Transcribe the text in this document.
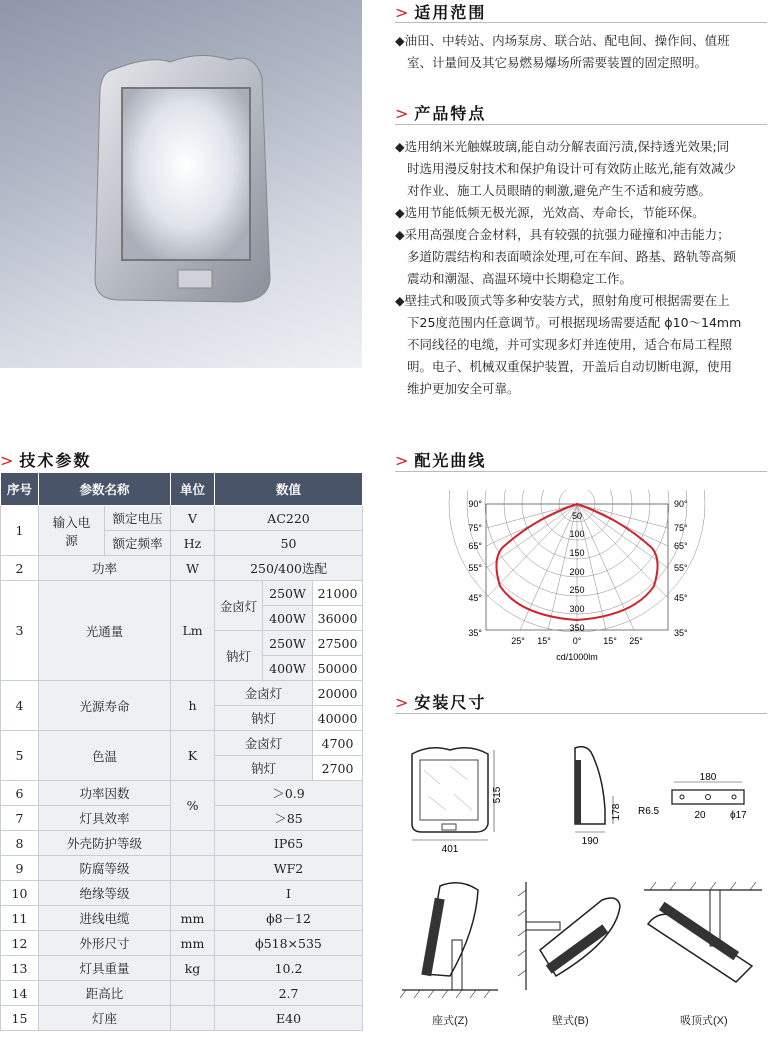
> 适用范围
◆油田、中转站、内场泵房、联合站、配电间、操作间、值班
室、计量间及其它易燃易爆场所需要装置的固定照明。
> 产品特点
◆选用纳米光触媒玻璃,能自动分解表面污渍,保持透光效果;同
时选用漫反射技术和保护角设计可有效防止眩光,能有效减少
对作业、施工人员眼睛的刺激,避免产生不适和疲劳感。
◆选用节能低频无极光源，光效高、寿命长，节能环保。
◆采用高强度合金材料，具有较强的抗强力碰撞和冲击能力；
多道防震结构和表面喷涂处理,可在车间、路基、路轨等高频
震动和潮湿、高温环境中长期稳定工作。
◆壁挂式和吸顶式等多种安装方式，照射角度可根据需要在上
下25度范围内任意调节。可根据现场需要适配 ϕ10～14mm
不同线径的电缆，并可实现多灯并连使用，适合布局工程照
明。电子、机械双重保护装置，开盖后自动切断电源，使用
维护更加安全可靠。
> 技术参数
序号	参数名称		单位	数值		
1	输入电源	额定电压	V	AC220		
		额定频率	Hz	50		
2	功率		W	250/400选配		
3	光通量		Lm	金卤灯	250W	21000
					400W	36000
				钠灯	250W	27500
					400W	50000
4	光源寿命		h	金卤灯		20000
				钠灯		40000
5	色温		K	金卤灯		4700
				钠灯		2700
6	功率因数		%	＞0.9		
7	灯具效率			＞85		
8	外壳防护等级			IP65		
9	防腐等级			WF2		
10	绝缘等级			Ⅰ		
11	进线电缆		mm	ϕ8－12		
12	外形尺寸		mm	ϕ518×535		
13	灯具重量		kg	10.2		
14	距高比			2.7		
15	灯座			E40		
> 配光曲线
50
100
150
200
250
300
350
90°
75°
65°
55°
45°
35°
90°
75°
65°
55°
45°
35°
25° 15° 0° 15° 25°
cd/1000lm
> 安装尺寸
515
401
178
190
180
R6.5	20 ϕ17
座式(Z)	壁式(B)	吸顶式(X)
